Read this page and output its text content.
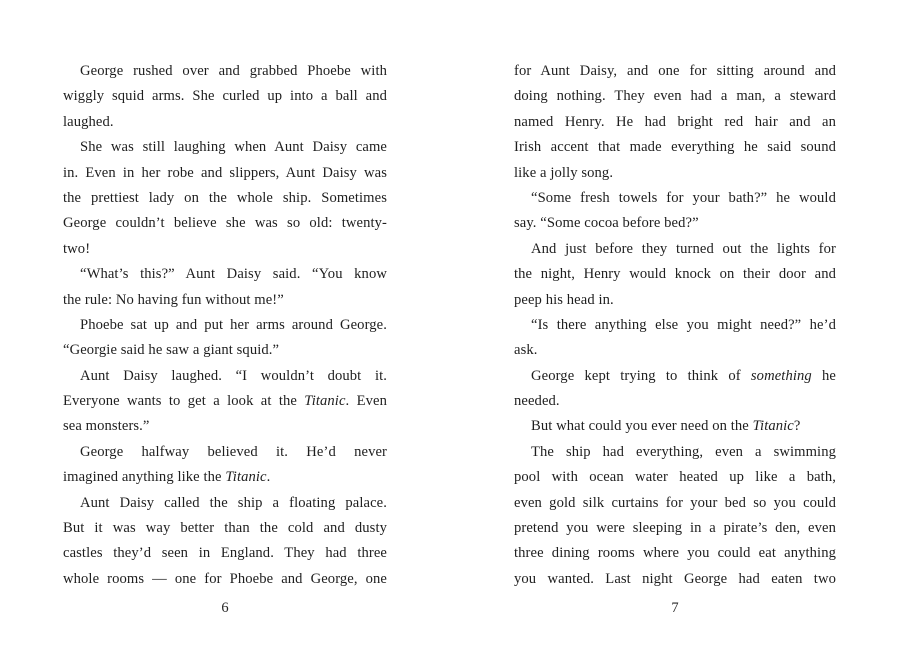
George rushed over and grabbed Phoebe with
wiggly squid arms. She curled up into a ball and
laughed.
She was still laughing when Aunt Daisy came
in. Even in her robe and slippers, Aunt Daisy was
the prettiest lady on the whole ship. Sometimes
George couldn’t believe she was so old: twenty-
two!
“What’s this?” Aunt Daisy said. “You know
the rule: No having fun without me!”
Phoebe sat up and put her arms around George.
“Georgie said he saw a giant squid.”
Aunt Daisy laughed. “I wouldn’t doubt it.
Everyone wants to get a look at the Titanic. Even
sea monsters.”
George halfway believed it. He’d never
imagined anything like the Titanic.
Aunt Daisy called the ship a floating palace.
But it was way better than the cold and dusty
castles they’d seen in England. They had three
whole rooms — one for Phoebe and George, one
6
for Aunt Daisy, and one for sitting around and
doing nothing. They even had a man, a steward
named Henry. He had bright red hair and an
Irish accent that made everything he said sound
like a jolly song.
“Some fresh towels for your bath?” he would
say. “Some cocoa before bed?”
And just before they turned out the lights for
the night, Henry would knock on their door and
peep his head in.
“Is there anything else you might need?” he’d
ask.
George kept trying to think of something he
needed.
But what could you ever need on the Titanic?
The ship had everything, even a swimming
pool with ocean water heated up like a bath,
even gold silk curtains for your bed so you could
pretend you were sleeping in a pirate’s den, even
three dining rooms where you could eat anything
you wanted. Last night George had eaten two
7
